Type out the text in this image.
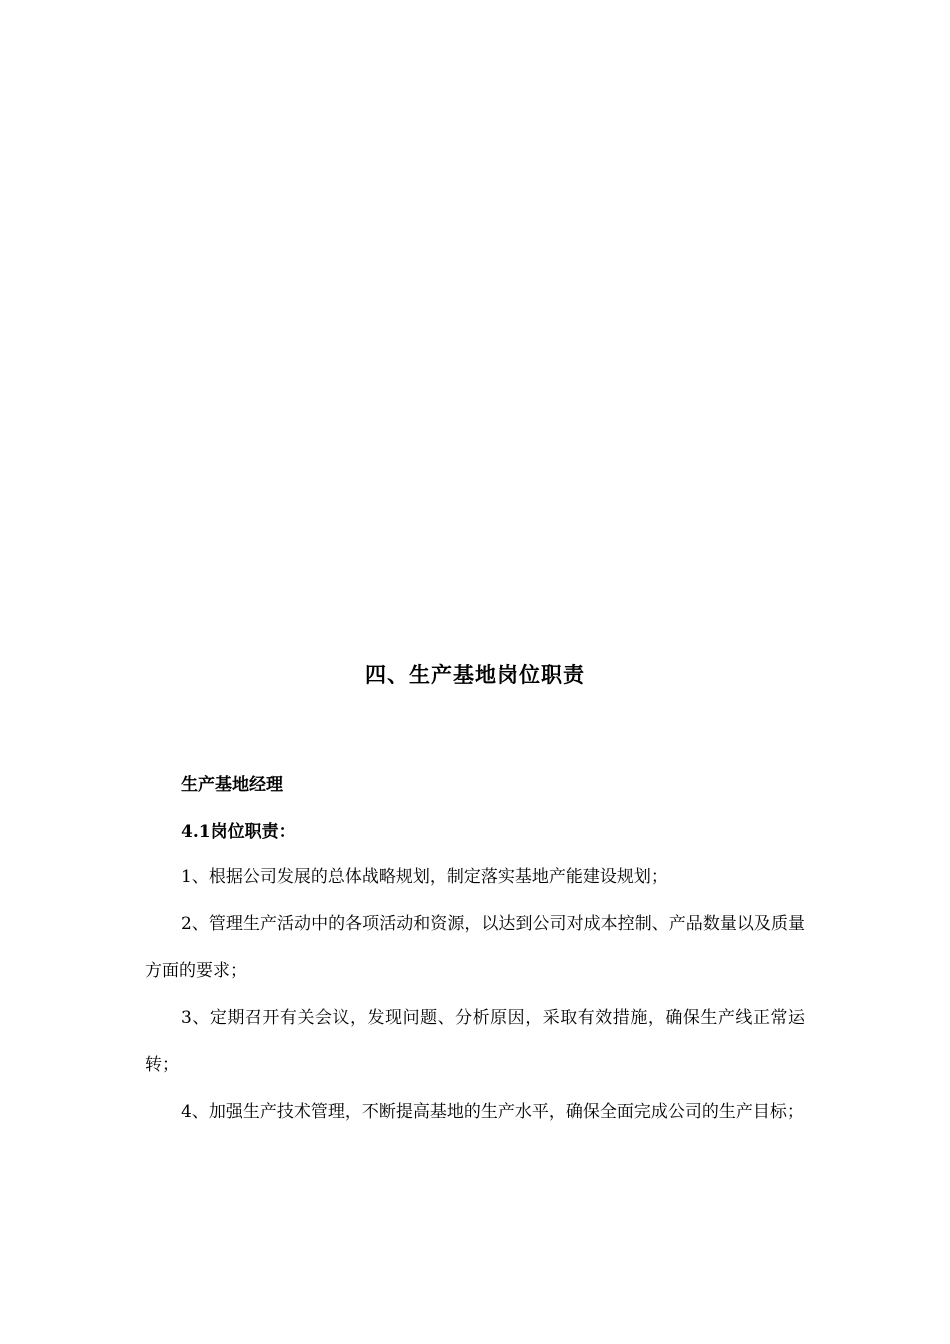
四、生产基地岗位职责
生产基地经理
4.1岗位职责：

1、根据公司发展的总体战略规划，制定落实基地产能建设规划；

2、管理生产活动中的各项活动和资源，以达到公司对成本控制、产品数量以及质量方面的要求；

3、定期召开有关会议，发现问题、分析原因，采取有效措施，确保生产线正常运转；

4、加强生产技术管理，不断提高基地的生产水平，确保全面完成公司的生产目标；
